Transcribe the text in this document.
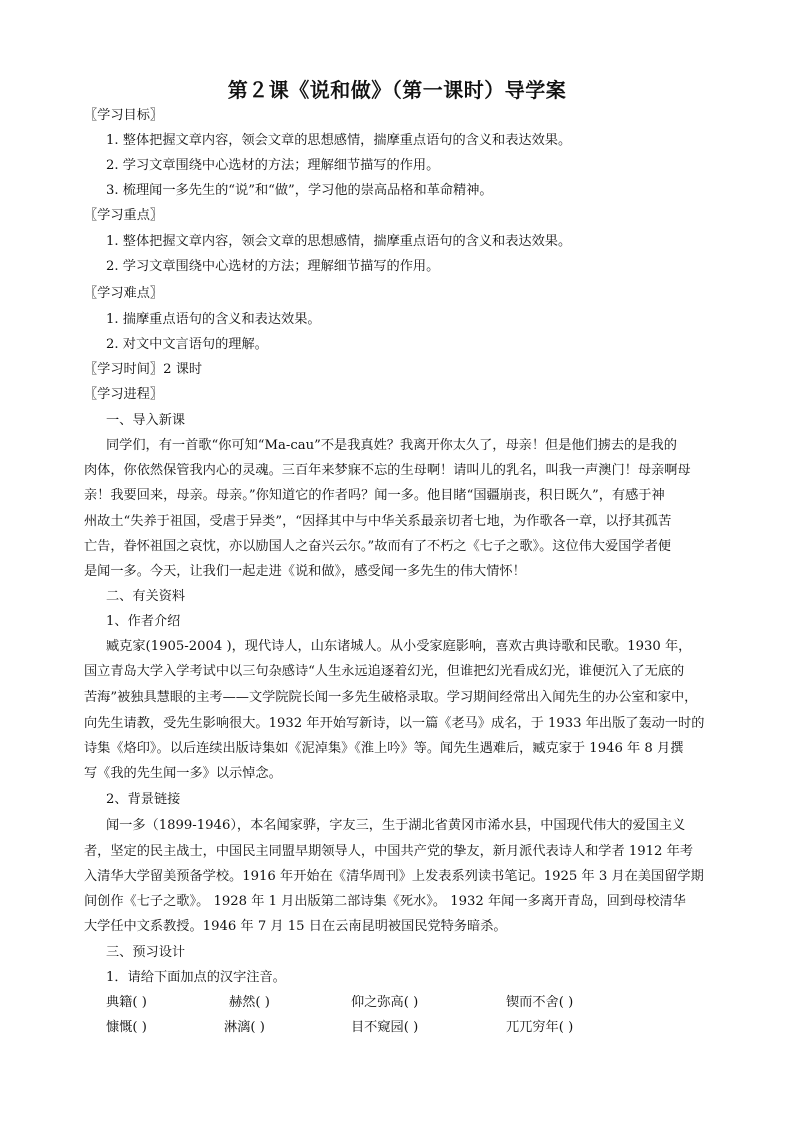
第２课《说和做》（第一课时）导学案
〖学习目标〗
1. 整体把握文章内容，领会文章的思想感情，揣摩重点语句的含义和表达效果。
2. 学习文章围绕中心选材的方法；理解细节描写的作用。
3. 梳理闻一多先生的“说”和“做”，学习他的崇高品格和革命精神。
〖学习重点〗
1. 整体把握文章内容，领会文章的思想感情，揣摩重点语句的含义和表达效果。
2. 学习文章围绕中心选材的方法；理解细节描写的作用。
〖学习难点〗
1. 揣摩重点语句的含义和表达效果。
2. 对文中文言语句的理解。
〖学习时间〗2 课时
〖学习进程〗
一、导入新课
同学们，有一首歌“你可知“Ma-cau”不是我真姓？我离开你太久了，母亲！但是他们掳去的是我的
肉体，你依然保管我内心的灵魂。三百年来梦寐不忘的生母啊！请叫儿的乳名，叫我一声澳门！母亲啊母
亲！我要回来，母亲。母亲。”你知道它的作者吗？闻一多。他目睹“国疆崩丧，积日既久”，有感于神
州故土“失养于祖国，受虐于异类”，“因择其中与中华关系最亲切者七地，为作歌各一章，以抒其孤苦
亡告，眷怀祖国之哀忱，亦以励国人之奋兴云尔。”故而有了不朽之《七子之歌》。这位伟大爱国学者便
是闻一多。今天，让我们一起走进《说和做》，感受闻一多先生的伟大情怀！
二、有关资料
1、作者介绍
臧克家(1905-2004 )，现代诗人，山东诸城人。从小受家庭影响，喜欢古典诗歌和民歌。1930 年，
国立青岛大学入学考试中以三句杂感诗“人生永远追逐着幻光，但谁把幻光看成幻光，谁便沉入了无底的
苦海”被独具慧眼的主考——文学院院长闻一多先生破格录取。学习期间经常出入闻先生的办公室和家中，
向先生请教，受先生影响很大。1932 年开始写新诗，以一篇《老马》成名，于 1933 年出版了轰动一时的
诗集《烙印》。以后连续出版诗集如《泥淖集》《淮上吟》等。闻先生遇难后，臧克家于 1946 年 8 月撰
写《我的先生闻一多》以示悼念。
2、背景链接
闻一多（1899-1946），本名闻家骅，字友三，生于湖北省黄冈市浠水县，中国现代伟大的爱国主义
者，坚定的民主战士，中国民主同盟早期领导人，中国共产党的挚友，新月派代表诗人和学者 1912 年考
入清华大学留美预备学校。1916 年开始在《清华周刊》上发表系列读书笔记。1925 年 3 月在美国留学期
间创作《七子之歌》。 1928 年 1 月出版第二部诗集《死水》。 1932 年闻一多离开青岛，回到母校清华
大学任中文系教授。1946 年 7 月 15 日在云南昆明被国民党特务暗杀。
三、预习设计
1．请给下面加点的汉字注音。
典籍( )	赫然( )	仰之弥高( )	锲而不舍( )
慷慨( )	淋漓( )	目不窥园( )	兀兀穷年( )
